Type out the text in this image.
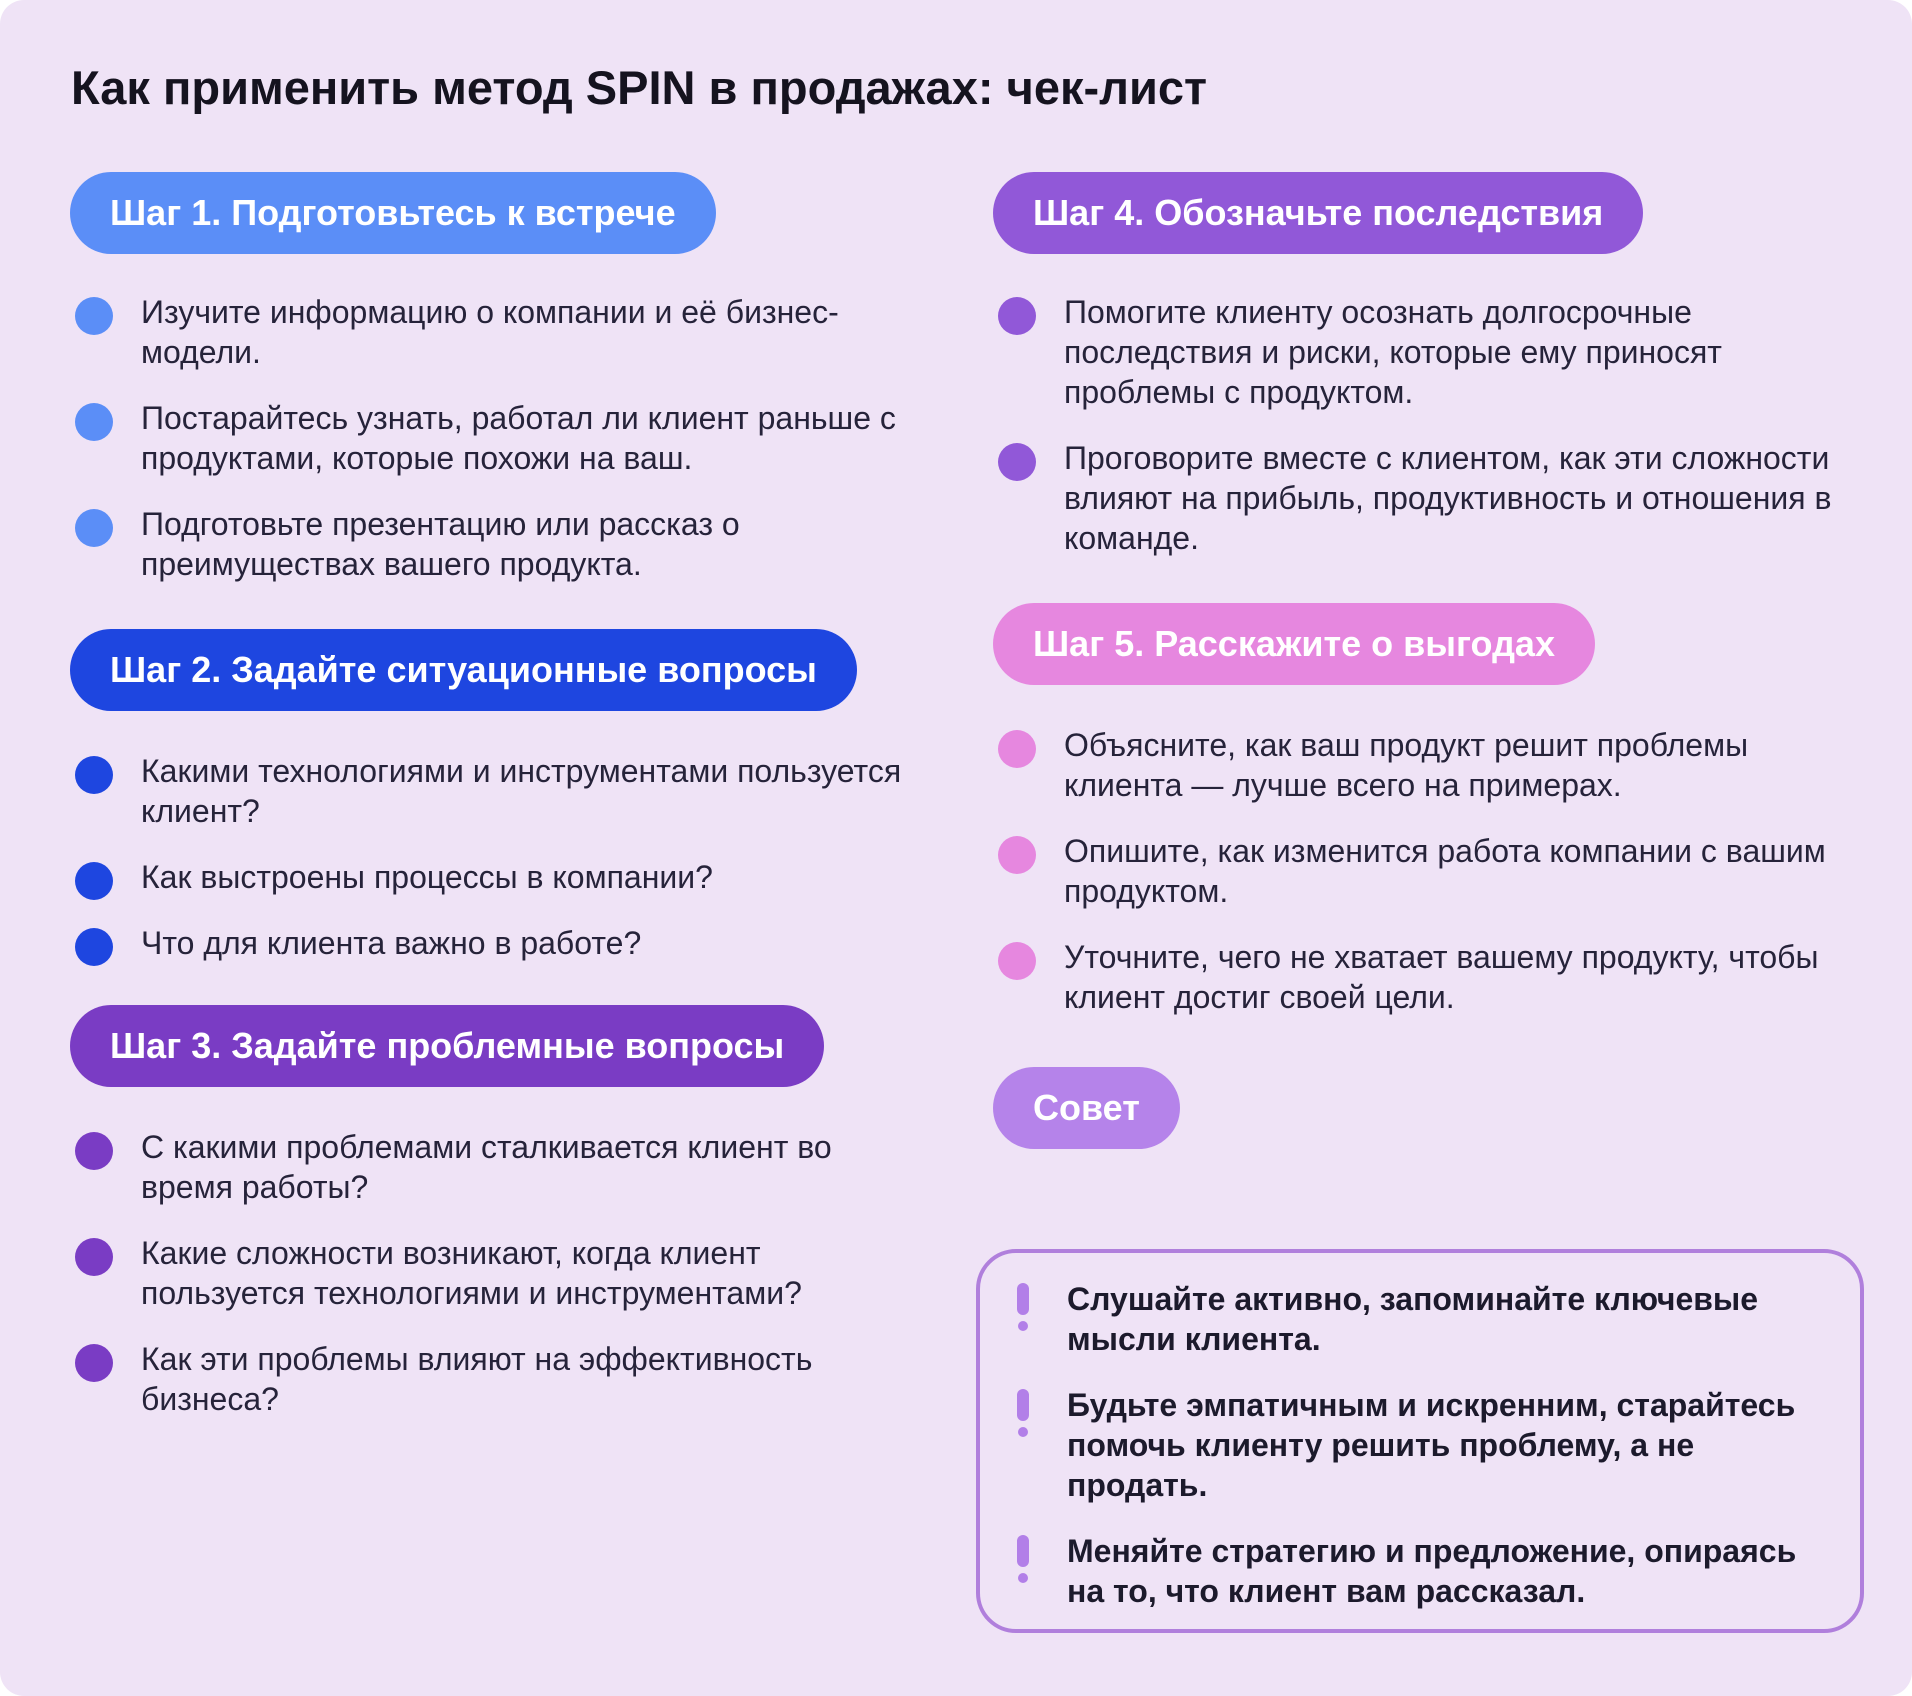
Как применить метод SPIN в продажах: чек-лист
Шаг 1. Подготовьтесь к встрече
Изучите информацию о компании и её бизнес-модели.
Постарайтесь узнать, работал ли клиент раньше с продуктами, которые похожи на ваш.
Подготовьте презентацию или рассказ о преимуществах вашего продукта.
Шаг 2. Задайте ситуационные вопросы
Какими технологиями и инструментами пользуется клиент?
Как выстроены процессы в компании?
Что для клиента важно в работе?
Шаг 3. Задайте проблемные вопросы
С какими проблемами сталкивается клиент во время работы?
Какие сложности возникают, когда клиент пользуется технологиями и инструментами?
Как эти проблемы влияют на эффективность бизнеса?
Шаг 4. Обозначьте последствия
Помогите клиенту осознать долгосрочные последствия и риски, которые ему приносят проблемы с продуктом.
Проговорите вместе с клиентом, как эти сложности влияют на прибыль, продуктивность и отношения в команде.
Шаг 5. Расскажите о выгодах
Объясните, как ваш продукт решит проблемы клиента — лучше всего на примерах.
Опишите, как изменится работа компании с вашим продуктом.
Уточните, чего не хватает вашему продукту, чтобы клиент достиг своей цели.
Совет
Слушайте активно, запоминайте ключевые мысли клиента.
Будьте эмпатичным и искренним, старайтесь помочь клиенту решить проблему, а не продать.
Меняйте стратегию и предложение, опираясь на то, что клиент вам рассказал.
